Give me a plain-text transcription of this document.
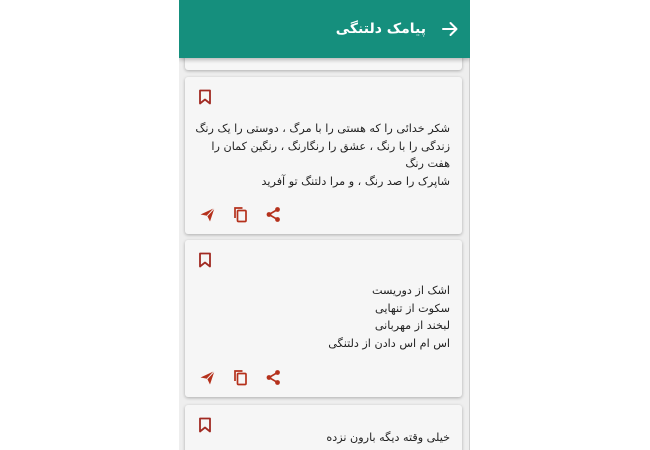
پیامک دلتنگی
شکر خدائی را که هستی را با مرگ ، دوستی را یک رنگ
زندگی را با رنگ ، عشق را رنگارنگ ، رنگین کمان را هفت رنگ
شاپرک را صد رنگ ، و مرا دلتنگ تو آفرید
اشک از دوریست
سکوت از تنهایی
لبخند از مهربانی
اس ام اس دادن از دلتنگی
خیلی وقته دیگه بارون نزده
